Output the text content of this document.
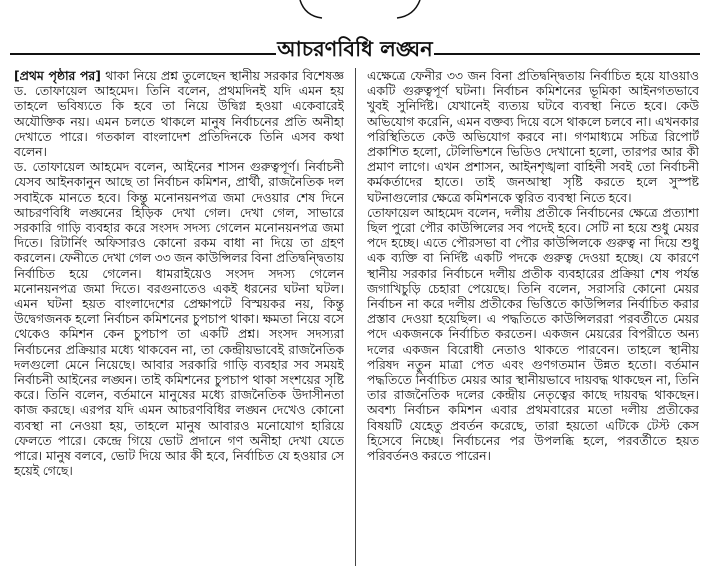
আচরণবিধি লঙ্ঘন

[প্রথম পৃষ্ঠার পর] থাকা নিয়ে প্রশ্ন তুলেছেন স্থানীয় সরকার বিশেষজ্ঞ ড. তোফায়েল আহমেদ। তিনি বলেন, প্রথমদিনই যদি এমন হয় তাহলে ভবিষ্যতে কি হবে তা নিয়ে উদ্বিগ্ন হওয়া একেবারেই অযৌক্তিক নয়। এমন চলতে থাকলে মানুষ নির্বাচনের প্রতি অনীহা দেখাতে পারে। গতকাল বাংলাদেশ প্রতিদিনকে তিনি এসব কথা বলেন।

ড. তোফায়েল আহমেদ বলেন, আইনের শাসন গুরুত্বপূর্ণ। নির্বাচনী যেসব আইনকানুন আছে তা নির্বাচন কমিশন, প্রার্থী, রাজনৈতিক দল সবাইকে মানতে হবে। কিন্তু মনোনয়নপত্র জমা দেওয়ার শেষ দিনে আচরণবিধি লঙ্ঘনের হিড়িক দেখা গেল। দেখা গেল, সাভারে সরকারি গাড়ি ব্যবহার করে সংসদ সদস্য গেলেন মনোনয়নপত্র জমা দিতে। রিটার্নিং অফিসারও কোনো রকম বাধা না দিয়ে তা গ্রহণ করলেন। ফেনীতে দেখা গেল ৩৩ জন কাউন্সিলর বিনা প্রতিদ্বন্দ্বিতায় নির্বাচিত হয়ে গেলেন। ধামরাইয়েও সংসদ সদস্য গেলেন মনোনয়নপত্র জমা দিতে। বরগুনাতেও একই ধরনের ঘটনা ঘটল। এমন ঘটনা হয়ত বাংলাদেশের প্রেক্ষাপটে বিস্ময়কর নয়, কিন্তু উদ্বেগজনক হলো নির্বাচন কমিশনের চুপচাপ থাকা। ক্ষমতা নিয়ে বসে থেকেও কমিশন কেন চুপচাপ তা একটি প্রশ্ন। সংসদ সদস্যরা নির্বাচনের প্রক্রিয়ার মধ্যে থাকবেন না, তা কেন্দ্রীয়ভাবেই রাজনৈতিক দলগুলো মেনে নিয়েছে। আবার সরকারি গাড়ি ব্যবহার সব সময়ই নির্বাচনী আইনের লঙ্ঘন। তাই কমিশনের চুপচাপ থাকা সংশয়ের সৃষ্টি করে। তিনি বলেন, বর্তমানে মানুষের মধ্যে রাজনৈতিক উদাসীনতা কাজ করছে। এরপর যদি এমন আচরণবিধির লঙ্ঘন দেখেও কোনো ব্যবস্থা না নেওয়া হয়, তাহলে মানুষ আবারও মনোযোগ হারিয়ে ফেলতে পারে। কেন্দ্রে গিয়ে ভোট প্রদানে গণ অনীহা দেখা যেতে পারে। মানুষ বলবে, ভোট দিয়ে আর কী হবে, নির্বাচিত যে হওয়ার সে হয়েই গেছে।

এক্ষেত্রে ফেনীর ৩৩ জন বিনা প্রতিদ্বন্দ্বিতায় নির্বাচিত হয়ে যাওয়াও একটি গুরুত্বপূর্ণ ঘটনা। নির্বাচন কমিশনের ভূমিকা আইনগতভাবে খুবই সুনির্দিষ্ট। যেখানেই ব্যত্যয় ঘটবে ব্যবস্থা নিতে হবে। কেউ অভিযোগ করেনি, এমন বক্তব্য দিয়ে বসে থাকলে চলবে না। এখনকার পরিস্থিতিতে কেউ অভিযোগ করবে না। গণমাধ্যমে সচিত্র রিপোর্ট প্রকাশিত হলো, টেলিভিশনে ভিডিও দেখানো হলো, তারপর আর কী প্রমাণ লাগে। এখন প্রশাসন, আইনশৃঙ্খলা বাহিনী সবই তো নির্বাচনী কর্মকর্তাদের হাতে। তাই জনআস্থা সৃষ্টি করতে হলে সুস্পষ্ট ঘটনাগুলোর ক্ষেত্রে কমিশনকে ত্বরিত ব্যবস্থা নিতে হবে।

তোফায়েল আহমেদ বলেন, দলীয় প্রতীকে নির্বাচনের ক্ষেত্রে প্রত্যাশা ছিল পুরো পৌর কাউন্সিলের সব পদেই হবে। সেটি না হয়ে শুধু মেয়র পদে হচ্ছে। এতে পৌরসভা বা পৌর কাউন্সিলকে গুরুত্ব না দিয়ে শুধু এক ব্যক্তি বা নির্দিষ্ট একটি পদকে গুরুত্ব দেওয়া হচ্ছে। যে কারণে স্থানীয় সরকার নির্বাচনে দলীয় প্রতীক ব্যবহারের প্রক্রিয়া শেষ পর্যন্ত জগাখিচুড়ি চেহারা পেয়েছে। তিনি বলেন, সরাসরি কোনো মেয়র নির্বাচন না করে দলীয় প্রতীকের ভিত্তিতে কাউন্সিলর নির্বাচিত করার প্রস্তাব দেওয়া হয়েছিল। এ পদ্ধতিতে কাউন্সিলররা পরবর্তীতে মেয়র পদে একজনকে নির্বাচিত করতেন। একজন মেয়রের বিপরীতে অন্য দলের একজন বিরোধী নেতাও থাকতে পারবেন। তাহলে স্থানীয় পরিষদ নতুন মাত্রা পেত এবং গুণগতমান উন্নত হতো। বর্তমান পদ্ধতিতে নির্বাচিত মেয়র আর স্থানীয়ভাবে দায়বদ্ধ থাকছেন না, তিনি তার রাজনৈতিক দলের কেন্দ্রীয় নেতৃত্বের কাছে দায়বদ্ধ থাকছেন। অবশ্য নির্বাচন কমিশন এবার প্রথমবারের মতো দলীয় প্রতীকের বিষয়টি যেহেতু প্রবর্তন করেছে, তারা হয়তো এটিকে টেস্ট কেস হিসেবে নিচ্ছে। নির্বাচনের পর উপলব্ধি হলে, পরবর্তীতে হয়ত পরিবর্তনও করতে পারেন।
